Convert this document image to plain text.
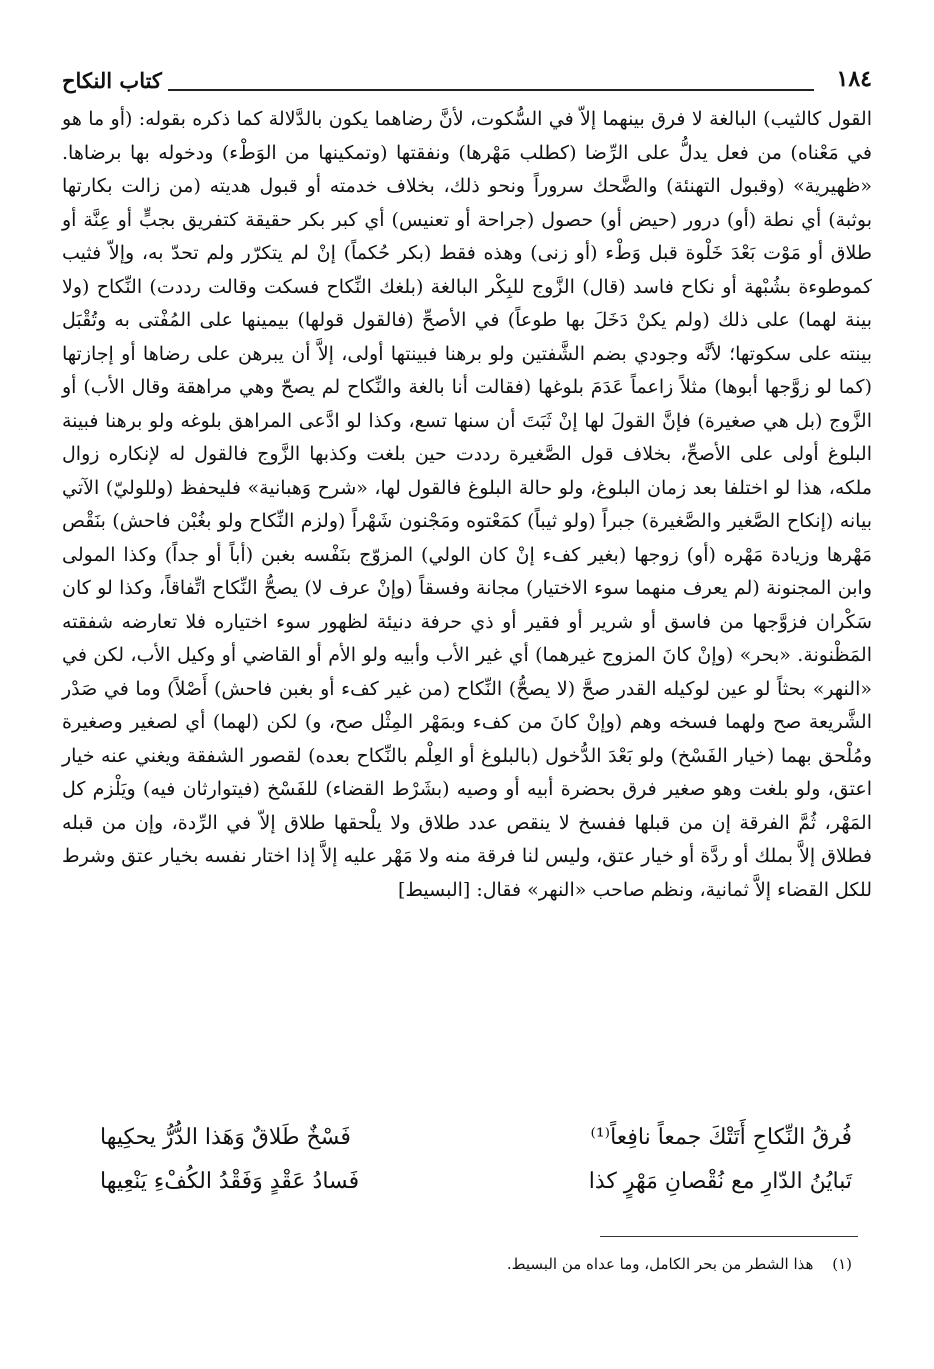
١٨٤
كتاب النكاح

القول كالثيب) البالغة لا فرق بينهما إلاّ في السُّكوت، لأنَّ رضاهما يكون بالدَّلالة كما ذكره بقوله: (أو ما هو في مَعْناه) من فعل يدلُّ على الرِّضا (كطلب مَهْرها) ونفقتها (وتمكينها من الوَطْء) ودخوله بها برضاها. «ظهيرية» (وقبول التهنئة) والضَّحك سروراً ونحو ذلك، بخلاف خدمته أو قبول هديته (من زالت بكارتها بوثبة) أي نطة (أو) درور (حيض أو) حصول (جراحة أو تعنيس) أي كبر بكر حقيقة كتفريق بجبٍّ أو عِنَّة أو طلاق أو مَوْت بَعْدَ خَلْوة قبل وَطْء (أو زنى) وهذه فقط (بكر حُكماً) إنْ لم يتكرّر ولم تحدّ به، وإلاّ فثيب كموطوءة بشُبْهة أو نكاح فاسد (قال) الزَّوج للبِكْر البالغة (بلغك النِّكاح فسكت وقالت رددت) النِّكاح (ولا بينة لهما) على ذلك (ولم يكنْ دَخَلَ بها طوعاً) في الأصحِّ (فالقول قولها) بيمينها على المُفْتى به وتُقْبَل بينته على سكوتها؛ لأنَّه وجودي بضم الشَّفتين ولو برهنا فبينتها أولى، إلاَّ أن يبرهن على رضاها أو إجازتها (كما لو زوَّجها أبوها) مثلاً زاعماً عَدَمَ بلوغها (فقالت أنا بالغة والنِّكاح لم يصحّ وهي مراهقة وقال الأب) أو الزَّوج (بل هي صغيرة) فإنَّ القولَ لها إنْ ثَبَتَ أن سنها تسع، وكذا لو ادَّعى المراهق بلوغه ولو برهنا فبينة البلوغ أولى على الأصحِّ، بخلاف قول الصَّغيرة رددت حين بلغت وكذبها الزَّوج فالقول له لإنكاره زوال ملكه، هذا لو اختلفا بعد زمان البلوغ، ولو حالة البلوغ فالقول لها، «شرح وَهبانية» فليحفظ (وللوليّ) الآتي بيانه (إنكاح الصَّغير والصَّغيرة) جبراً (ولو ثيباً) كمَعْتوه ومَجْنون شَهْراً (ولزم النِّكاح ولو بغُبْن فاحش) بنَقْص مَهْرها وزيادة مَهْره (أو) زوجها (بغير كفء إنْ كان الولي) المزوّج بنَفْسه بغبن (أباً أو جداً) وكذا المولى وابن المجنونة (لم يعرف منهما سوء الاختيار) مجانة وفسقاً (وإنْ عرف لا) يصحُّ النِّكاح اتِّفاقاً، وكذا لو كان سَكْران فزوَّجها من فاسق أو شرير أو فقير أو ذي حرفة دنيئة لظهور سوء اختياره فلا تعارضه شفقته المَظْنونة. «بحر» (وإنْ كانَ المزوج غيرهما) أي غير الأب وأبيه ولو الأم أو القاضي أو وكيل الأب، لكن في «النهر» بحثاً لو عين لوكيله القدر صحَّ (لا يصحُّ) النِّكاح (من غير كفء أو بغبن فاحش) أَصْلاً) وما في صَدْر الشَّريعة صح ولهما فسخه وهم (وإنْ كانَ من كفء وبمَهْر المِثْل صح، و) لكن (لهما) أي لصغير وصغيرة ومُلْحق بهما (خيار الفَسْخ) ولو بَعْدَ الدُّخول (بالبلوغ أو العِلْم بالنِّكاح بعده) لقصور الشفقة ويغني عنه خيار اعتق، ولو بلغت وهو صغير فرق بحضرة أبيه أو وصيه (بشَرْط القضاء) للفَسْخ (فيتوارثان فيه) ويَلْزم كل المَهْر، ثُمَّ الفرقة إن من قبلها ففسخ لا ينقص عدد طلاق ولا يلْحقها طلاق إلاّ في الرِّدة، وإن من قبله فطلاق إلاَّ بملك أو ردَّة أو خيار عتق، وليس لنا فرقة منه ولا مَهْر عليه إلاَّ إذا اختار نفسه بخيار عتق وشرط للكل القضاء إلاَّ ثمانية، ونظم صاحب «النهر» فقال: [البسيط]

فُرقُ النِّكاحِ أَتَتْكَ جمعاً نافِعاً⁽¹⁾
فَسْخٌ طَلاقٌ وَهَذا الدُّرُّ يحكِيها
تَبايُنُ الدّارِ مع نُقْصانِ مَهْرٍ كذا
فَسادُ عَقْدٍ وَفَقْدُ الكُفْءِ يَنْعِيها
(١) هذا الشطر من بحر الكامل، وما عداه من البسيط.
